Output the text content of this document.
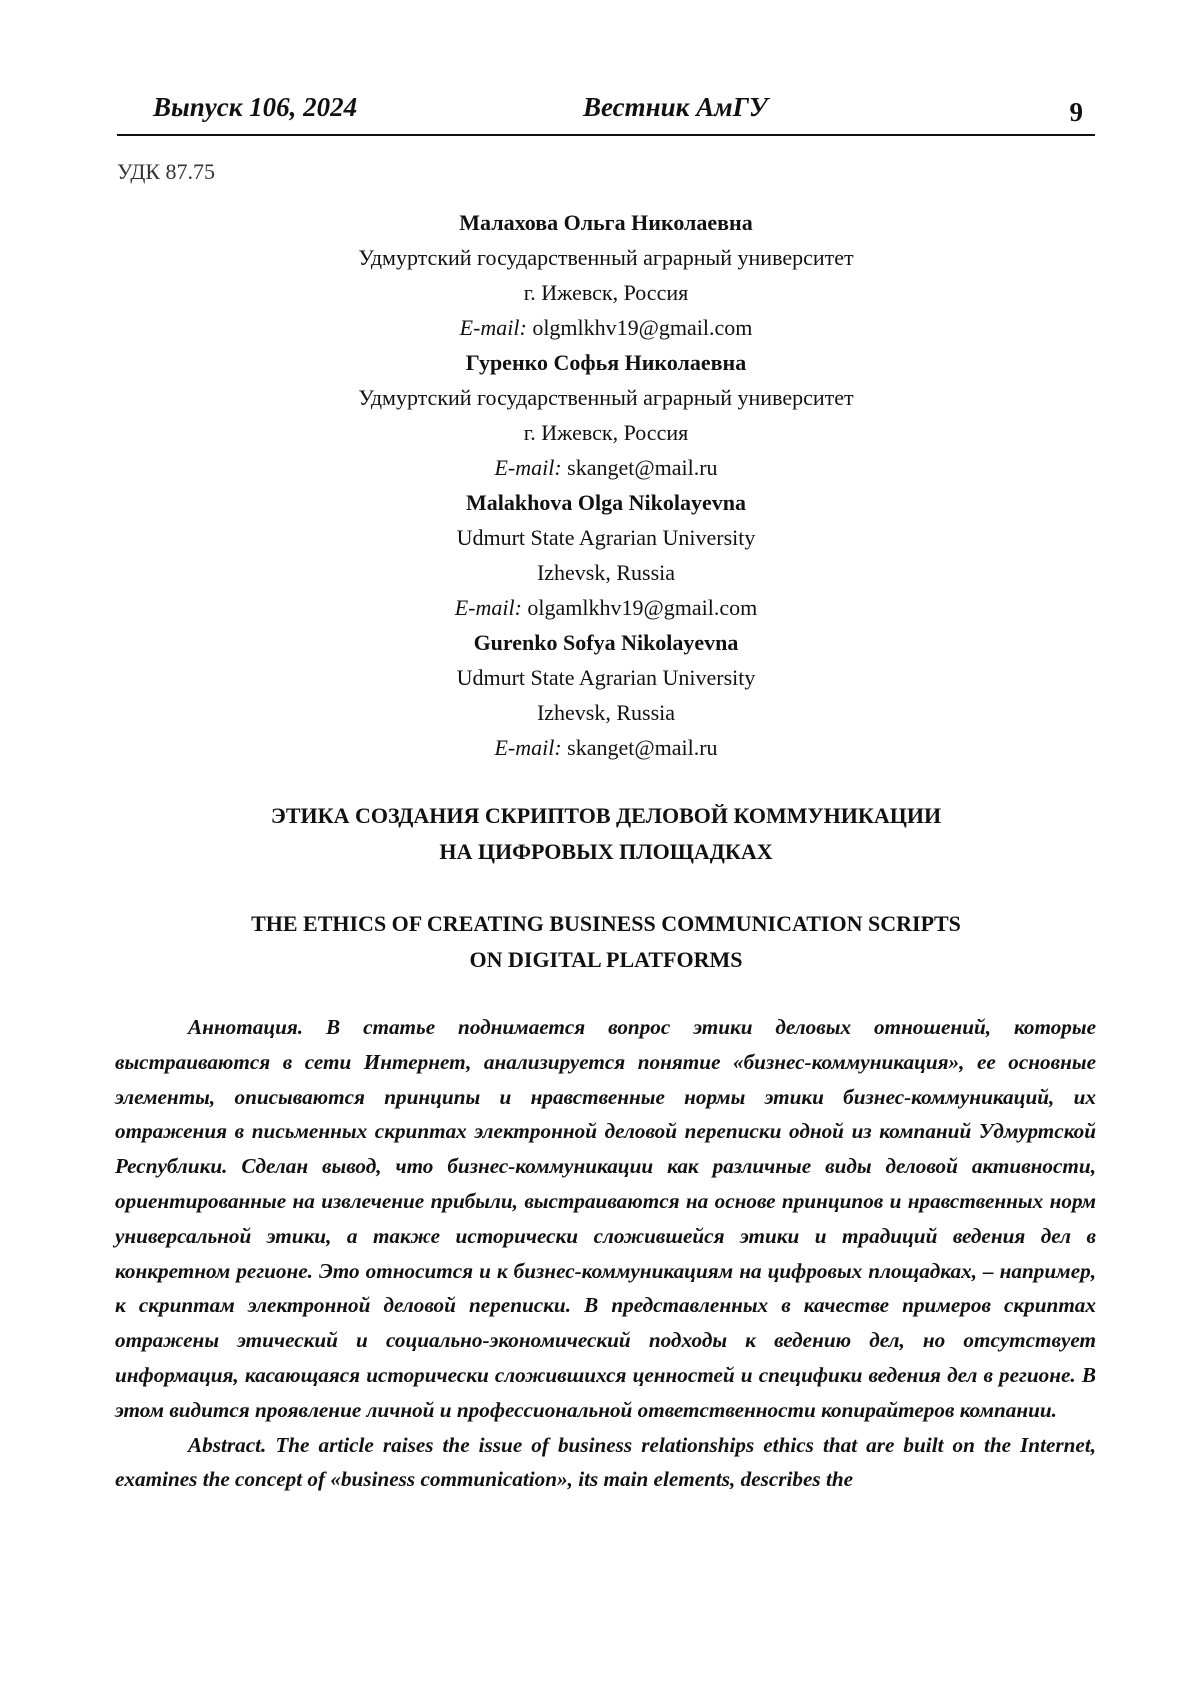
Выпуск 106, 2024	Вестник АмГУ	9
УДК 87.75
Малахова Ольга Николаевна
Удмуртский государственный аграрный университет
г. Ижевск, Россия
E-mail: olgmlkhv19@gmail.com
Гуренко Софья Николаевна
Удмуртский государственный аграрный университет
г. Ижевск, Россия
E-mail: skanget@mail.ru
Malakhova Olga Nikolayevna
Udmurt State Agrarian University
Izhevsk, Russia
E-mail: olgamlkhv19@gmail.com
Gurenko Sofya Nikolayevna
Udmurt State Agrarian University
Izhevsk, Russia
E-mail: skanget@mail.ru
ЭТИКА СОЗДАНИЯ СКРИПТОВ ДЕЛОВОЙ КОММУНИКАЦИИ
НА ЦИФРОВЫХ ПЛОЩАДКАХ
THE ETHICS OF CREATING BUSINESS COMMUNICATION SCRIPTS
ON DIGITAL PLATFORMS

Аннотация. В статье поднимается вопрос этики деловых отношений, которые выстраиваются в сети Интернет, анализируется понятие «бизнес-коммуникация», ее основные элементы, описываются принципы и нравственные нормы этики бизнес-коммуникаций, их отражения в письменных скриптах электронной деловой переписки одной из компаний Удмуртской Республики. Сделан вывод, что бизнес-коммуникации как различные виды деловой активности, ориентированные на извлечение прибыли, выстраиваются на основе принципов и нравственных норм универсальной этики, а также исторически сложившейся этики и традиций ведения дел в конкретном регионе. Это относится и к бизнес-коммуникациям на цифровых площадках, – например, к скриптам электронной деловой переписки. В представленных в качестве примеров скриптах отражены этический и социально-экономический подходы к ведению дел, но отсутствует информация, касающаяся исторически сложившихся ценностей и специфики ведения дел в регионе. В этом видится проявление личной и профессиональной ответственности копирайтеров компании.

Abstract. The article raises the issue of business relationships ethics that are built on the Internet, examines the concept of «business communication», its main elements, describes the
